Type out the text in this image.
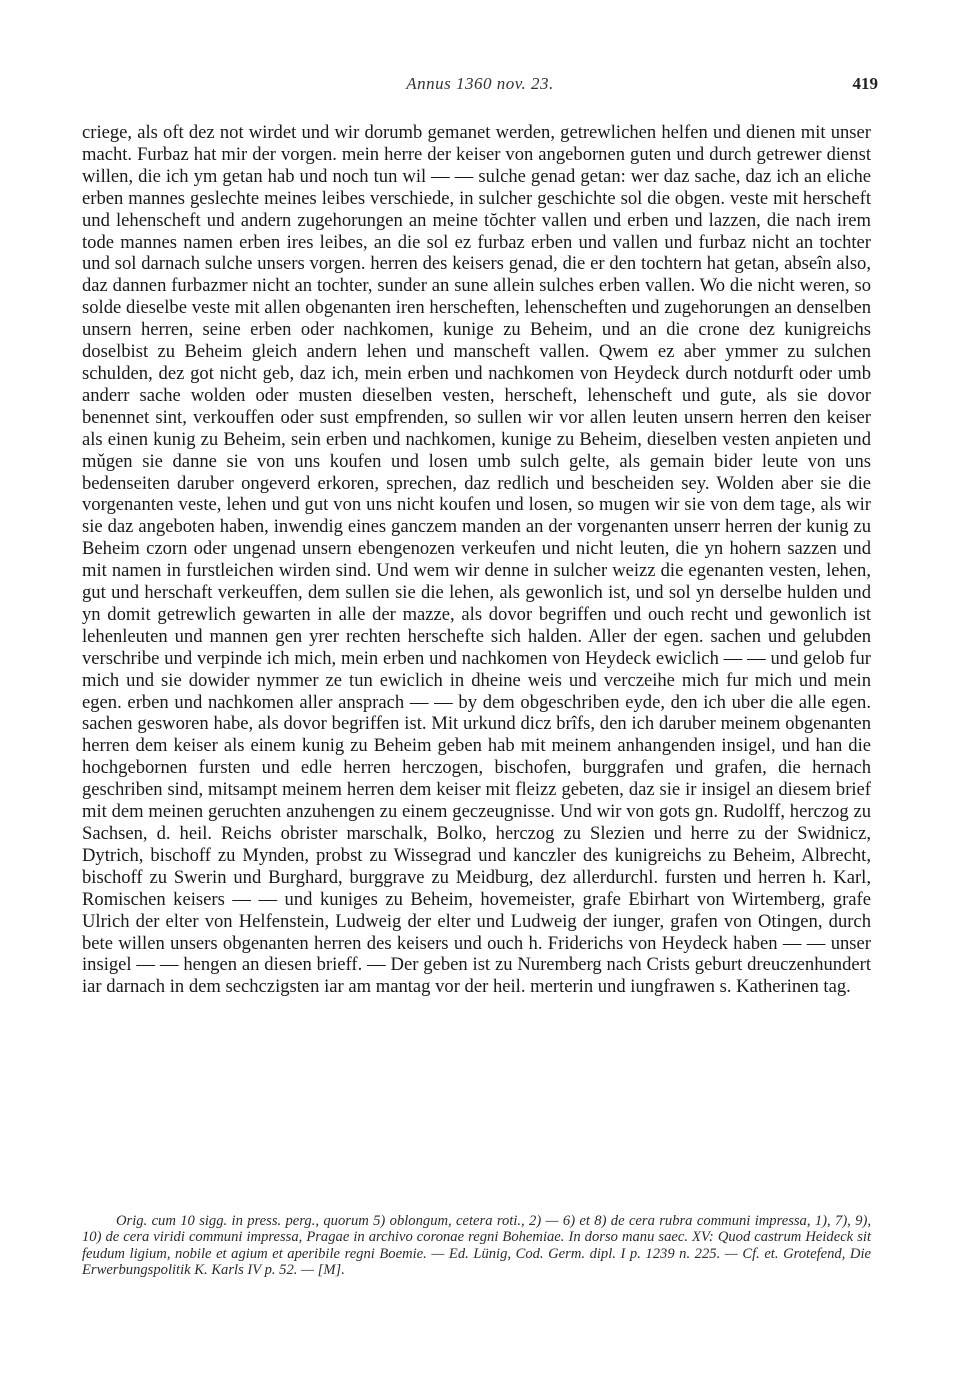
Annus 1360 nov. 23.	419

criege, als oft dez not wirdet und wir dorumb gemanet werden, getrewlichen helfen und dienen mit unser macht. Furbaz hat mir der vorgen. mein herre der keiser von angebornen guten und durch getrewer dienst willen, die ich ym getan hab und noch tun wil — — sulche genad getan: wer daz sache, daz ich an eliche erben mannes geslechte meines leibes verschiede, in sulcher geschichte sol die obgen. veste mit herscheft und lehenscheft und andern zugehorungen an meine tŏchter vallen und erben und lazzen, die nach irem tode mannes namen erben ires leibes, an die sol ez furbaz erben und vallen und furbaz nicht an tochter und sol darnach sulche unsers vorgen. herren des keisers genad, die er den tochtern hat getan, abseîn also, daz dannen furbazmer nicht an tochter, sunder an sune allein sulches erben vallen. Wo die nicht weren, so solde dieselbe veste mit allen obgenanten iren herscheften, lehenscheften und zugehorungen an denselben unsern herren, seine erben oder nachkomen, kunige zu Beheim, und an die crone dez kunigreichs doselbist zu Beheim gleich andern lehen und manscheft vallen. Qwem ez aber ymmer zu sulchen schulden, dez got nicht geb, daz ich, mein erben und nachkomen von Heydeck durch notdurft oder umb anderr sache wolden oder musten dieselben vesten, herscheft, lehenscheft und gute, als sie dovor benennet sint, verkouffen oder sust empfrenden, so sullen wir vor allen leuten unsern herren den keiser als einen kunig zu Beheim, sein erben und nachkomen, kunige zu Beheim, dieselben vesten anpieten und mǔgen sie danne sie von uns koufen und losen umb sulch gelte, als gemain bider leute von uns bedenseiten daruber ongeverd erkoren, sprechen, daz redlich und bescheiden sey. Wolden aber sie die vorgenanten veste, lehen und gut von uns nicht koufen und losen, so mugen wir sie von dem tage, als wir sie daz angeboten haben, inwendig eines ganczem manden an der vorgenanten unserr herren der kunig zu Beheim czorn oder ungenad unsern ebengenozen verkeufen und nicht leuten, die yn hohern sazzen und mit namen in furstleichen wirden sind. Und wem wir denne in sulcher weizz die egenanten vesten, lehen, gut und herschaft verkeuffen, dem sullen sie die lehen, als gewonlich ist, und sol yn derselbe hulden und yn domit getrewlich gewarten in alle der mazze, als dovor begriffen und ouch recht und gewonlich ist lehenleuten und mannen gen yrer rechten herschefte sich halden. Aller der egen. sachen und gelubden verschribe und verpinde ich mich, mein erben und nachkomen von Heydeck ewiclich — — und gelob fur mich und sie dowider nymmer ze tun ewiclich in dheine weis und verczeihe mich fur mich und mein egen. erben und nachkomen aller ansprach — — by dem obgeschriben eyde, den ich uber die alle egen. sachen gesworen habe, als dovor begriffen ist. Mit urkund dicz brîfs, den ich daruber meinem obgenanten herren dem keiser als einem kunig zu Beheim geben hab mit meinem anhangenden insigel, und han die hochgebornen fursten und edle herren herczogen, bischofen, burggrafen und grafen, die hernach geschriben sind, mitsampt meinem herren dem keiser mit fleizz gebeten, daz sie ir insigel an diesem brief mit dem meinen geruchten anzuhengen zu einem geczeugnisse. Und wir von gots gn. Rudolff, herczog zu Sachsen, d. heil. Reichs obrister marschalk, Bolko, herczog zu Slezien und herre zu der Swidnicz, Dytrich, bischoff zu Mynden, probst zu Wissegrad und kanczler des kunigreichs zu Beheim, Albrecht, bischoff zu Swerin und Burghard, burggrave zu Meidburg, dez allerdurchl. fursten und herren h. Karl, Romischen keisers — — und kuniges zu Beheim, hovemeister, grafe Ebirhart von Wirtemberg, grafe Ulrich der elter von Helfenstein, Ludweig der elter und Ludweig der iunger, grafen von Otingen, durch bete willen unsers obgenanten herren des keisers und ouch h. Friderichs von Heydeck haben — — unser insigel — — hengen an diesen brieff. — Der geben ist zu Nuremberg nach Crists geburt dreuczenhundert iar darnach in dem sechczigsten iar am mantag vor der heil. merterin und iungfrawen s. Katherinen tag.

Orig. cum 10 sigg. in press. perg., quorum 5) oblongum, cetera roti., 2) — 6) et 8) de cera rubra communi impressa, 1), 7), 9), 10) de cera viridi communi impressa, Pragae in archivo coronae regni Bohemiae. In dorso manu saec. XV: Quod castrum Heideck sit feudum ligium, nobile et agium et aperibile regni Boemie. — Ed. Lünig, Cod. Germ. dipl. I p. 1239 n. 225. — Cf. et. Grotefend, Die Erwerbungspolitik K. Karls IV p. 52. — [M].
